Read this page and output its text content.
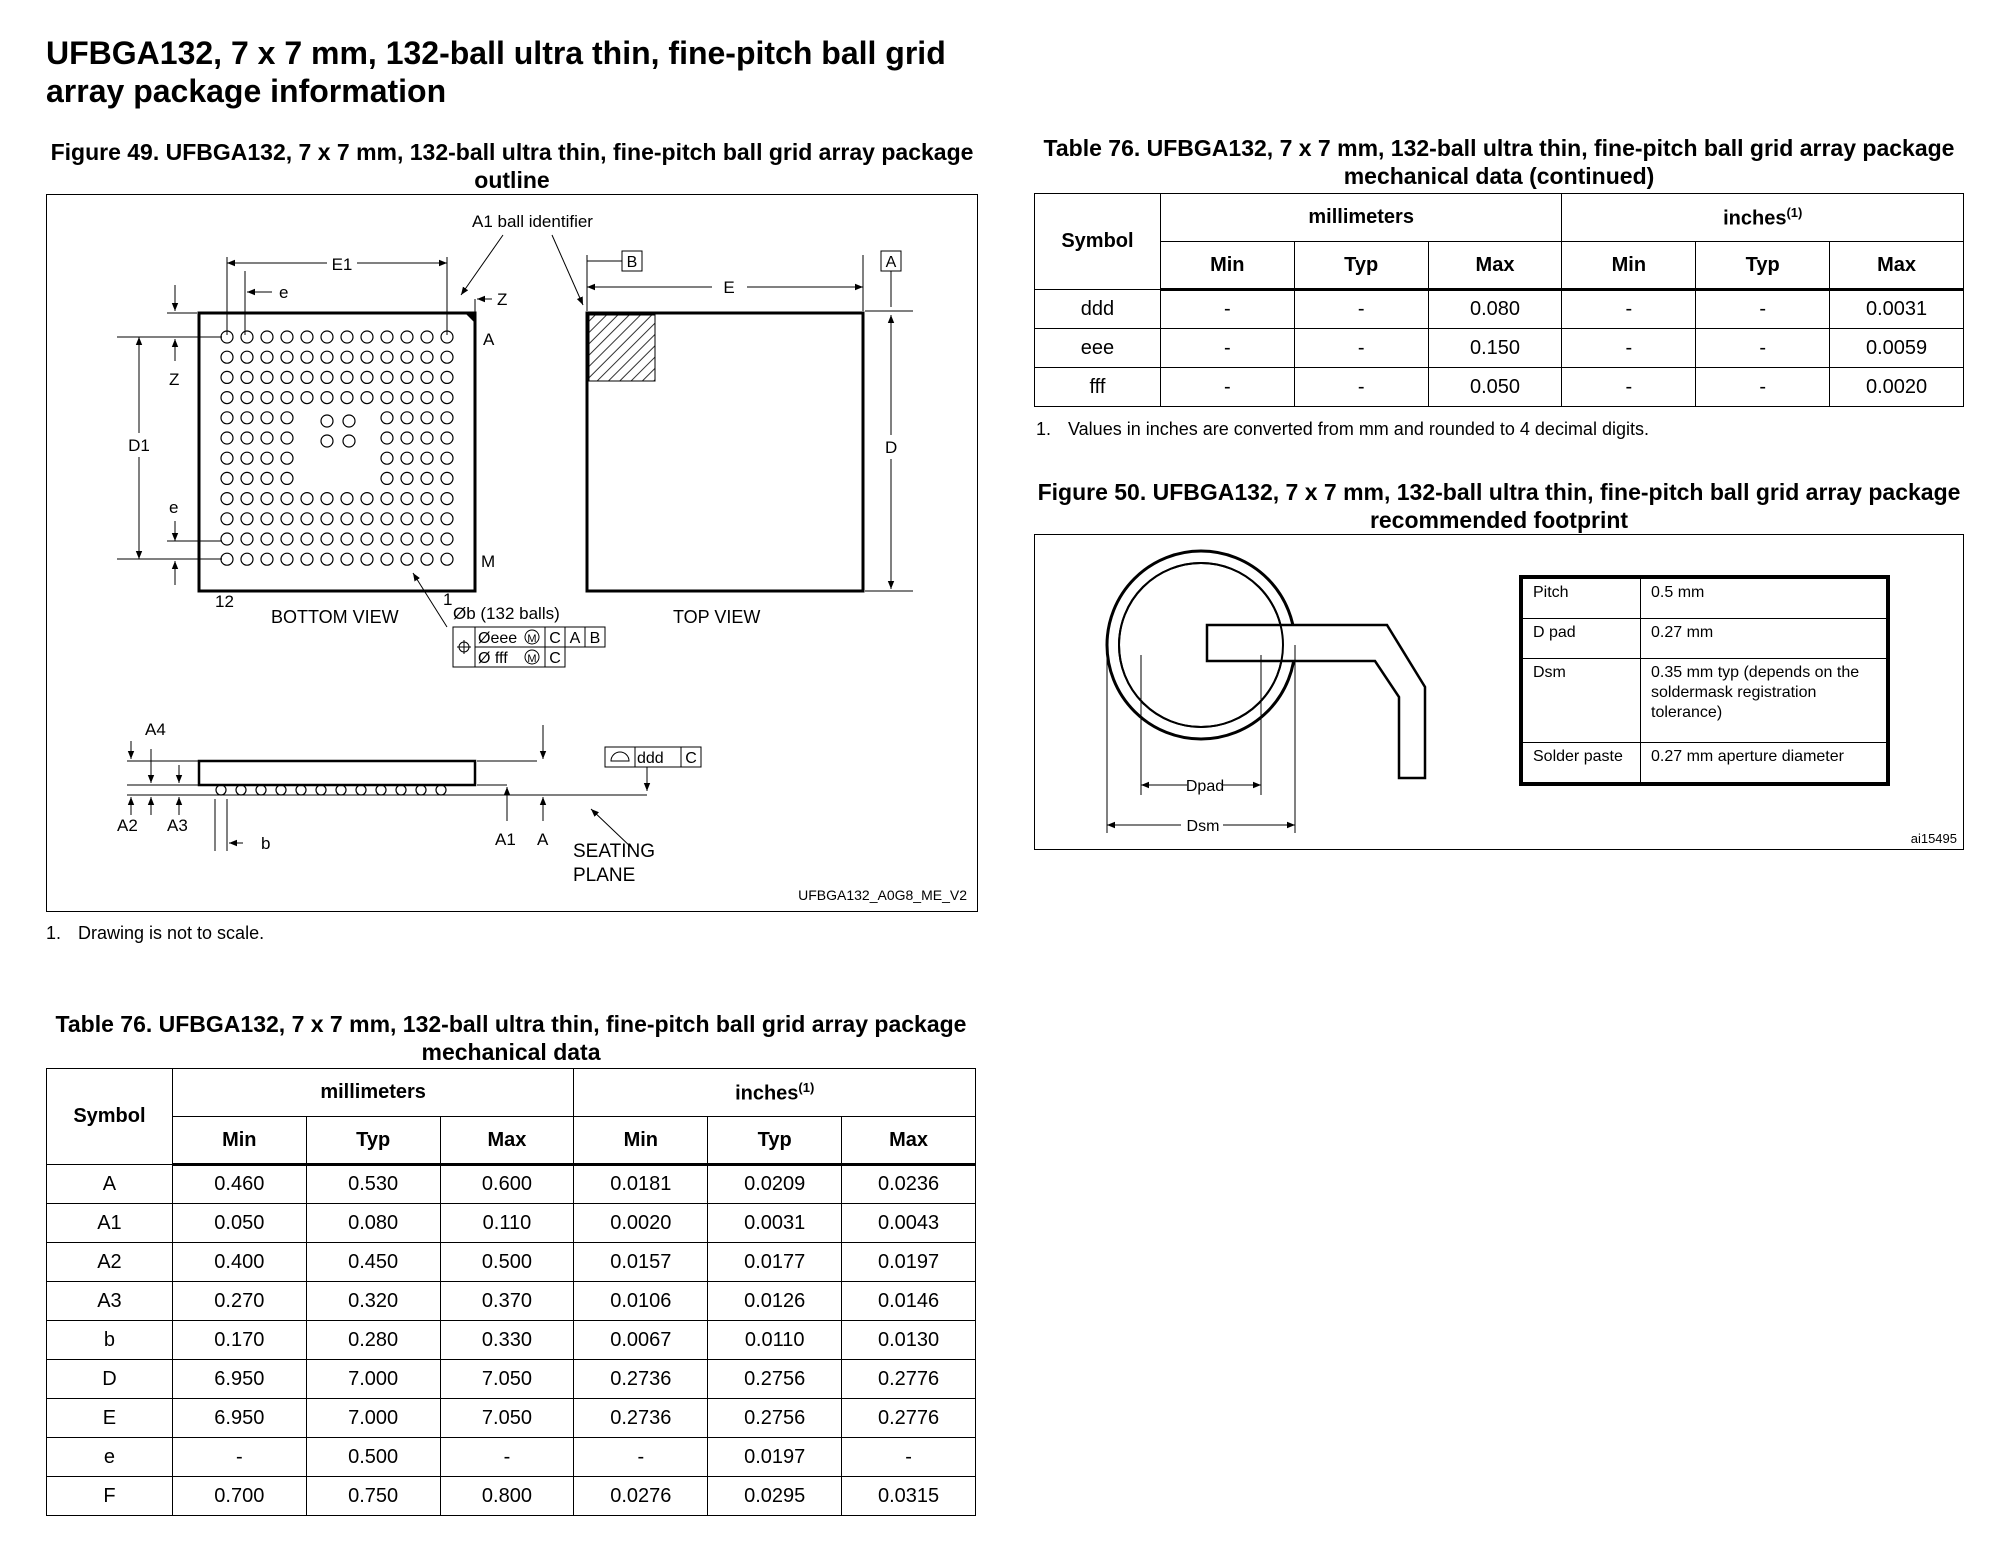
UFBGA132, 7 x 7 mm, 132-ball ultra thin, fine-pitch ball grid array package information
Figure 49. UFBGA132, 7 x 7 mm, 132-ball ultra thin, fine-pitch ball grid array package outline
E1
e
A1 ball identifier
Z
D1
Z
e
A
M
12	1
BOTTOM VIEW	Øb (132 balls)
Øeee M C A B
Ø fff M C
E
B	A
D
TOP VIEW
A4
A2 A3
b	A1 A
SEATING
PLANE
ddd C
UFBGA132_A0G8_ME_V2
1. Drawing is not to scale.
Table 76. UFBGA132, 7 x 7 mm, 132-ball ultra thin, fine-pitch ball grid array package mechanical data
Symbol	millimeters			inches$^{(1)}$
	Min	Typ	Max	Min	Typ	Max
A	0.460	0.530	0.600	0.0181	0.0209	0.0236
A1	0.050	0.080	0.110	0.0020	0.0031	0.0043
A2	0.400	0.450	0.500	0.0157	0.0177	0.0197
A3	0.270	0.320	0.370	0.0106	0.0126	0.0146
b	0.170	0.280	0.330	0.0067	0.0110	0.0130
D	6.950	7.000	7.050	0.2736	0.2756	0.2776
E	6.950	7.000	7.050	0.2736	0.2756	0.2776
e	-	0.500	-	-	0.0197	-
F	0.700	0.750	0.800	0.0276	0.0295	0.0315
Table 76. UFBGA132, 7 x 7 mm, 132-ball ultra thin, fine-pitch ball grid array package mechanical data (continued)
Symbol	millimeters			inches$^{(1)}$
	Min	Typ	Max	Min	Typ	Max
ddd	-	-	0.080	-	-	0.0031
eee	-	-	0.150	-	-	0.0059
fff	-	-	0.050	-	-	0.0020
1. Values in inches are converted from mm and rounded to 4 decimal digits.
Figure 50. UFBGA132, 7 x 7 mm, 132-ball ultra thin, fine-pitch ball grid array package recommended footprint
Dpad
Dsm
ai15495
Pitch	0.5 mm
D pad	0.27 mm
Dsm	0.35 mm typ (depends on the soldermask registration tolerance)
Solder paste	0.27 mm aperture diameter
